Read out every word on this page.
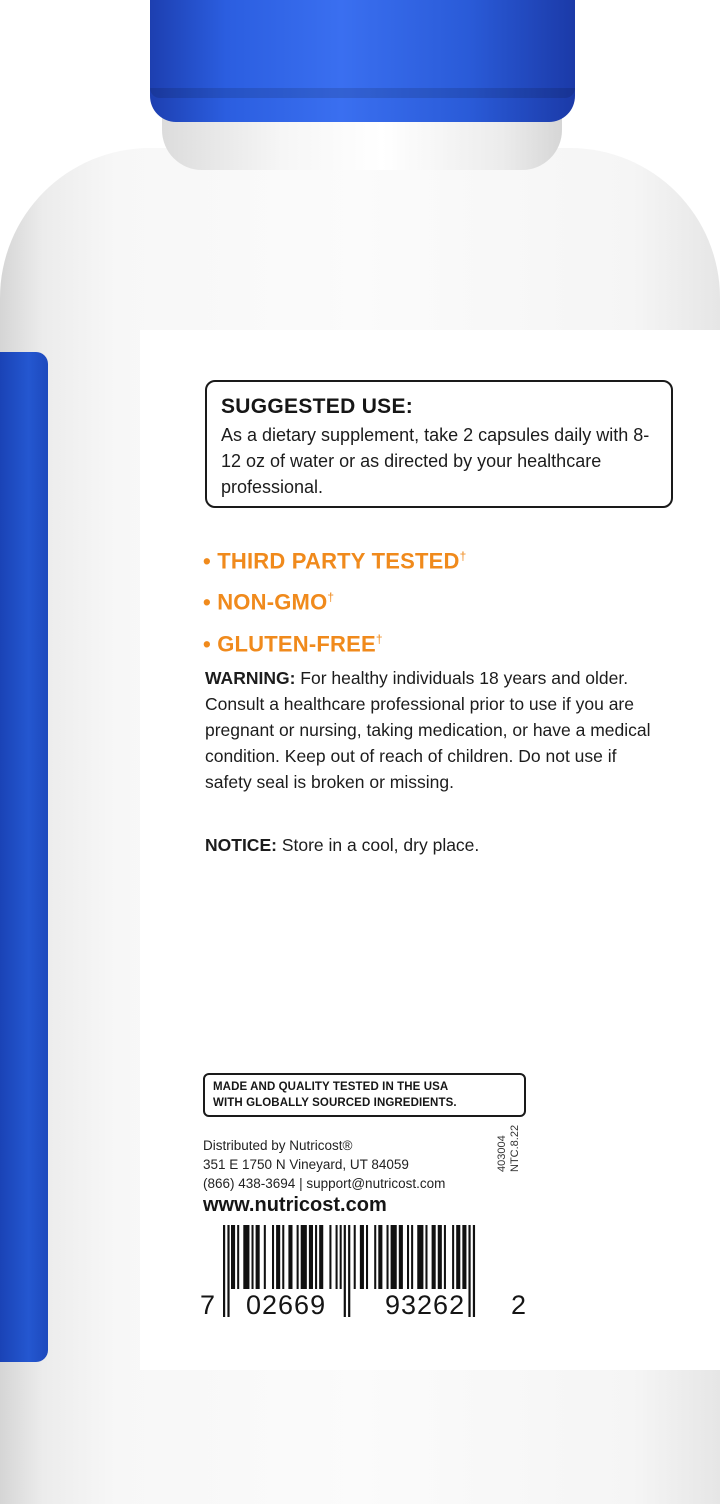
SUGGESTED USE:
As a dietary supplement, take 2 capsules daily with 8-12 oz of water or as directed by your healthcare professional.
• THIRD PARTY TESTED†
• NON-GMO†
• GLUTEN-FREE†
WARNING: For healthy individuals 18 years and older. Consult a healthcare professional prior to use if you are pregnant or nursing, taking medication, or have a medical condition. Keep out of reach of children. Do not use if safety seal is broken or missing.
NOTICE: Store in a cool, dry place.
MADE AND QUALITY TESTED IN THE USA
WITH GLOBALLY SOURCED INGREDIENTS.
Distributed by Nutricost®
351 E 1750 N Vineyard, UT 84059
(866) 438-3694 | support@nutricost.com
www.nutricost.com
403004 NTC.8.22
7 02669 93262 2
